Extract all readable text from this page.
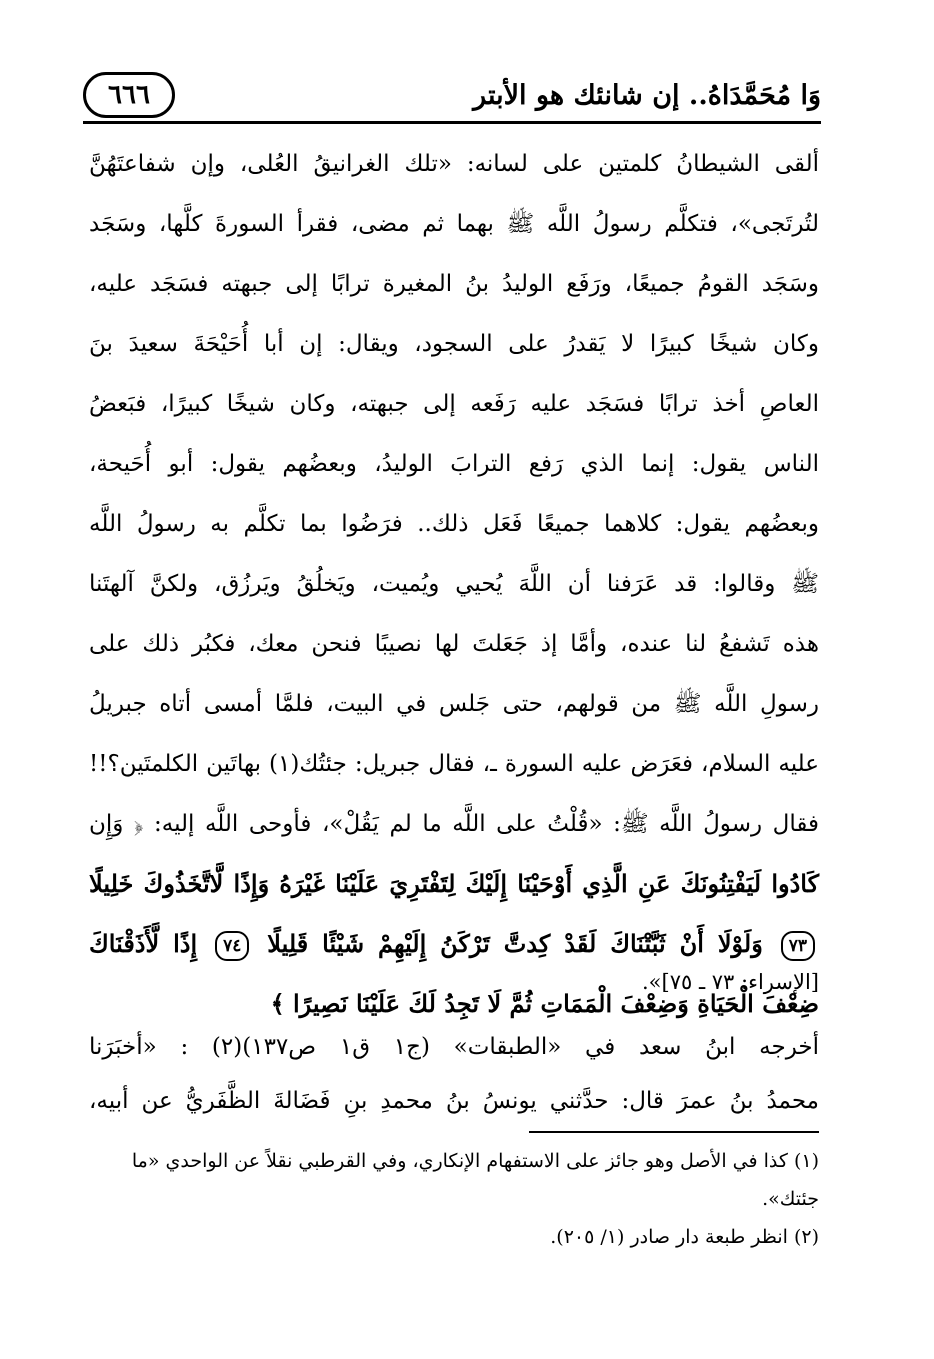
وَا مُحَمَّدَاهُ.. إن شانئك هو الأبتر
٦٦٦
ألقى الشيطانُ كلمتين على لسانه: «تلك الغرانيقُ العُلى، وإن شفاعتَهُنَّ
لتُرتَجى»، فتكلَّم رسولُ اللَّه ﷺ بهما ثم مضى، فقرأ السورةَ كلَّها، وسَجَد
وسَجَد القومُ جميعًا، ورَفَع الوليدُ بنُ المغيرة ترابًا إلى جبهته فسَجَد عليه،
وكان شيخًا كبيرًا لا يَقدرُ على السجود، ويقال: إن أبا أُحَيْحَةَ سعيدَ بنَ
العاصِ أخذ ترابًا فسَجَد عليه رَفَعه إلى جبهته، وكان شيخًا كبيرًا، فبَعضُ
الناس يقول: إنما الذي رَفع الترابَ الوليدُ، وبعضُهم يقول: أبو أُحَيحة،
وبعضُهم يقول: كلاهما جميعًا فَعَل ذلك.. فرَضُوا بما تكلَّم به رسولُ اللَّه
ﷺ وقالوا: قد عَرَفنا أن اللَّهَ يُحيي ويُميت، ويَخلُقُ ويَرزُق، ولكنَّ آلهتَنا
هذه تَشفعُ لنا عنده، وأمَّا إذ جَعَلتَ لها نصيبًا فنحن معك، فكبُر ذلك على
رسولِ اللَّه ﷺ من قولهم، حتى جَلس في البيت، فلمَّا أمسى أتاه جبريلُ
عليه السلام، فعَرَض عليه السورة ـ، فقال جبريل: جئتُك(١) بهاتَين الكلمتَين؟!!
فقال رسولُ اللَّه ﷺ: «قُلْتُ على اللَّه ما لم يَقُلْ»، فأوحى اللَّه إليه: ﴿ وَإِن
كَادُوا لَيَفْتِنُونَكَ عَنِ الَّذِي أَوْحَيْنَا إِلَيْكَ لِتَفْتَرِيَ عَلَيْنَا غَيْرَهُ وَإِذًا لَّاتَّخَذُوكَ خَلِيلًا
٧٣ وَلَوْلَا أَنْ ثَبَّتْنَاكَ لَقَدْ كِدتَّ تَرْكَنُ إِلَيْهِمْ شَيْئًا قَلِيلًا ٧٤ إِذًا لَّأَذَقْنَاكَ
ضِعْفَ الْحَيَاةِ وَضِعْفَ الْمَمَاتِ ثُمَّ لَا تَجِدُ لَكَ عَلَيْنَا نَصِيرًا ﴾
[الإسراء: ٧٣ ـ ٧٥]».
أخرجه ابنُ سعد في «الطبقات» (ج١ ق١ ص١٣٧)(٢) : «أخبَرَنا
محمدُ بنُ عمرَ قال: حدَّثني يونسُ بنُ محمدِ بنِ فَضَالةَ الظَّفَريُّ عن أبيه،
(١) كذا في الأصل وهو جائز على الاستفهام الإنكاري، وفي القرطبي نقلاً عن الواحدي «ما جئتك».
(٢) انظر طبعة دار صادر (١/ ٢٠٥).
